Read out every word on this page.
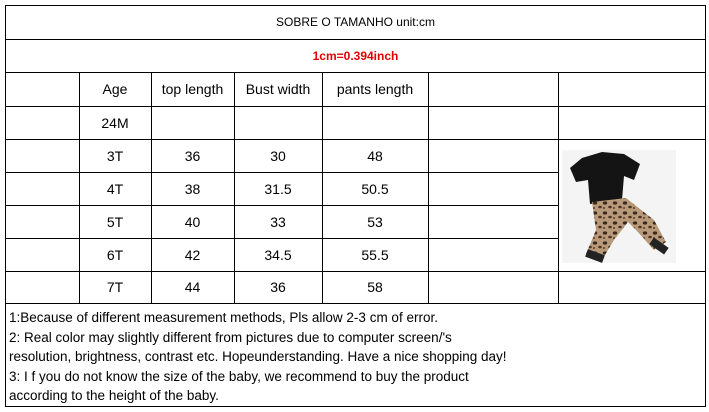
SOBRE O TAMANHO unit:cm
1cm=0.394inch
Age	top length	Bust width	pants length
24M
3T	36	30	48
4T	38	31.5	50.5
5T	40	33	53
6T	42	34.5	55.5
7T	44	36	58
1:Because of different measurement methods, Pls allow 2-3 cm of error.
2: Real color may slightly different from pictures due to computer screen/'s
resolution, brightness, contrast etc. Hopeunderstanding. Have a nice shopping day!
3: I f you do not know the size of the baby, we recommend to buy the product
according to the height of the baby.
